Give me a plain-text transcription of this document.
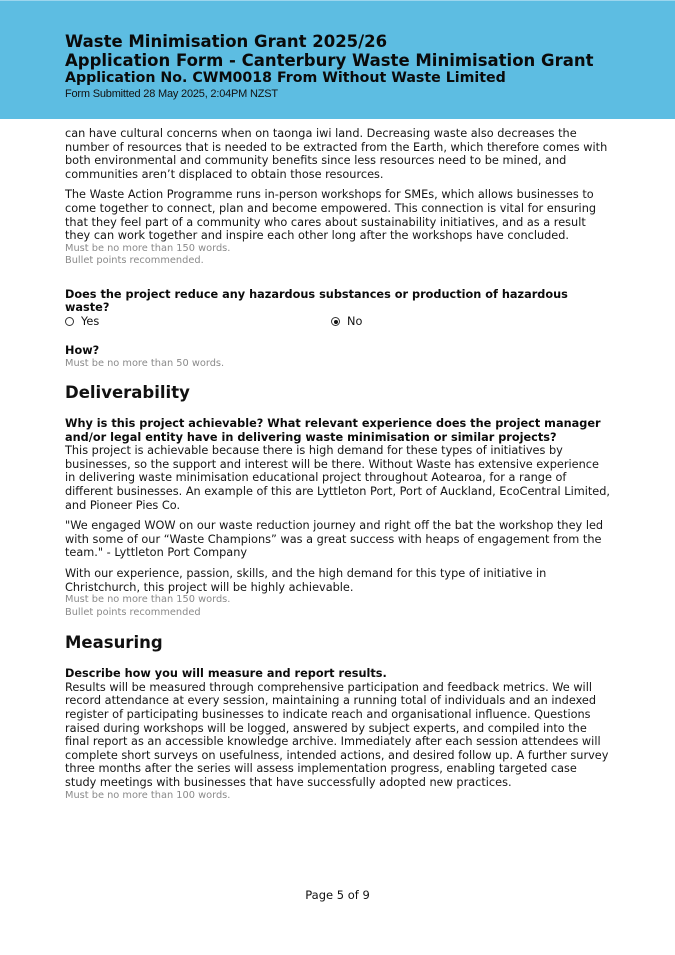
Waste Minimisation Grant 2025/26
Application Form - Canterbury Waste Minimisation Grant
Application No. CWM0018 From Without Waste Limited
Form Submitted 28 May 2025, 2:04PM NZST
can have cultural concerns when on taonga iwi land. Decreasing waste also decreases the number of resources that is needed to be extracted from the Earth, which therefore comes with both environmental and community benefits since less resources need to be mined, and communities aren’t displaced to obtain those resources.
The Waste Action Programme runs in-person workshops for SMEs, which allows businesses to come together to connect, plan and become empowered. This connection is vital for ensuring that they feel part of a community who cares about sustainability initiatives, and as a result they can work together and inspire each other long after the workshops have concluded.
Must be no more than 150 words.
Bullet points recommended.
Does the project reduce any hazardous substances or production of hazardous waste?
Yes	No
How?
Must be no more than 50 words.
Deliverability
Why is this project achievable? What relevant experience does the project manager and/or legal entity have in delivering waste minimisation or similar projects?
This project is achievable because there is high demand for these types of initiatives by businesses, so the support and interest will be there. Without Waste has extensive experience in delivering waste minimisation educational project throughout Aotearoa, for a range of different businesses. An example of this are Lyttleton Port, Port of Auckland, EcoCentral Limited, and Pioneer Pies Co.
"We engaged WOW on our waste reduction journey and right off the bat the workshop they led with some of our “Waste Champions” was a great success with heaps of engagement from the team." - Lyttleton Port Company
With our experience, passion, skills, and the high demand for this type of initiative in Christchurch, this project will be highly achievable.
Must be no more than 150 words.
Bullet points recommended
Measuring
Describe how you will measure and report results.
Results will be measured through comprehensive participation and feedback metrics. We will record attendance at every session, maintaining a running total of individuals and an indexed register of participating businesses to indicate reach and organisational influence. Questions raised during workshops will be logged, answered by subject experts, and compiled into the final report as an accessible knowledge archive. Immediately after each session attendees will complete short surveys on usefulness, intended actions, and desired follow up. A further survey three months after the series will assess implementation progress, enabling targeted case study meetings with businesses that have successfully adopted new practices.
Must be no more than 100 words.
Page 5 of 9
